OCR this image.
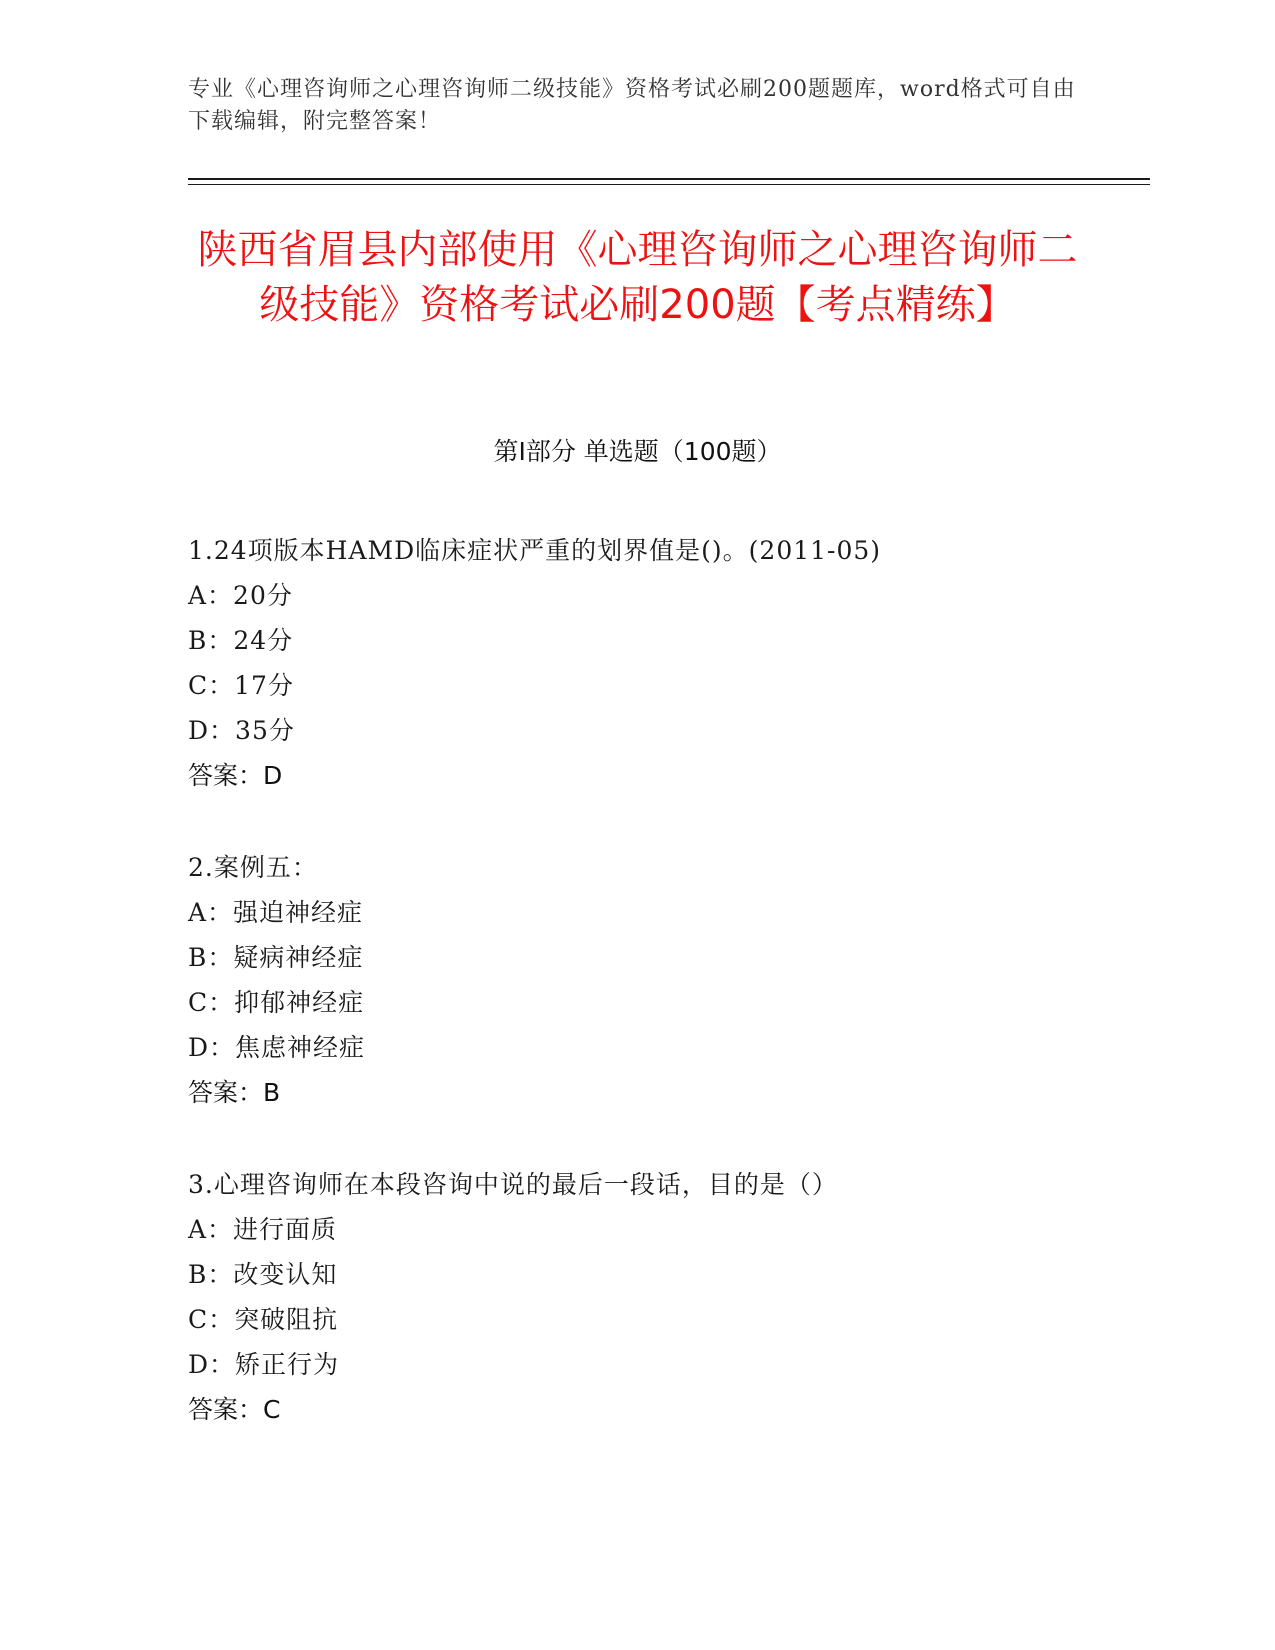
专业《心理咨询师之心理咨询师二级技能》资格考试必刷200题题库，word格式可自由下载编辑，附完整答案！
陕西省眉县内部使用《心理咨询师之心理咨询师二级技能》资格考试必刷200题【考点精练】
第I部分 单选题（100题）
1.24项版本HAMD临床症状严重的划界值是()。(2011-05)
A：20分
B：24分
C：17分
D：35分
答案：D
2.案例五：
A：强迫神经症
B：疑病神经症
C：抑郁神经症
D：焦虑神经症
答案：B
3.心理咨询师在本段咨询中说的最后一段话，目的是（）
A：进行面质
B：改变认知
C：突破阻抗
D：矫正行为
答案：C
